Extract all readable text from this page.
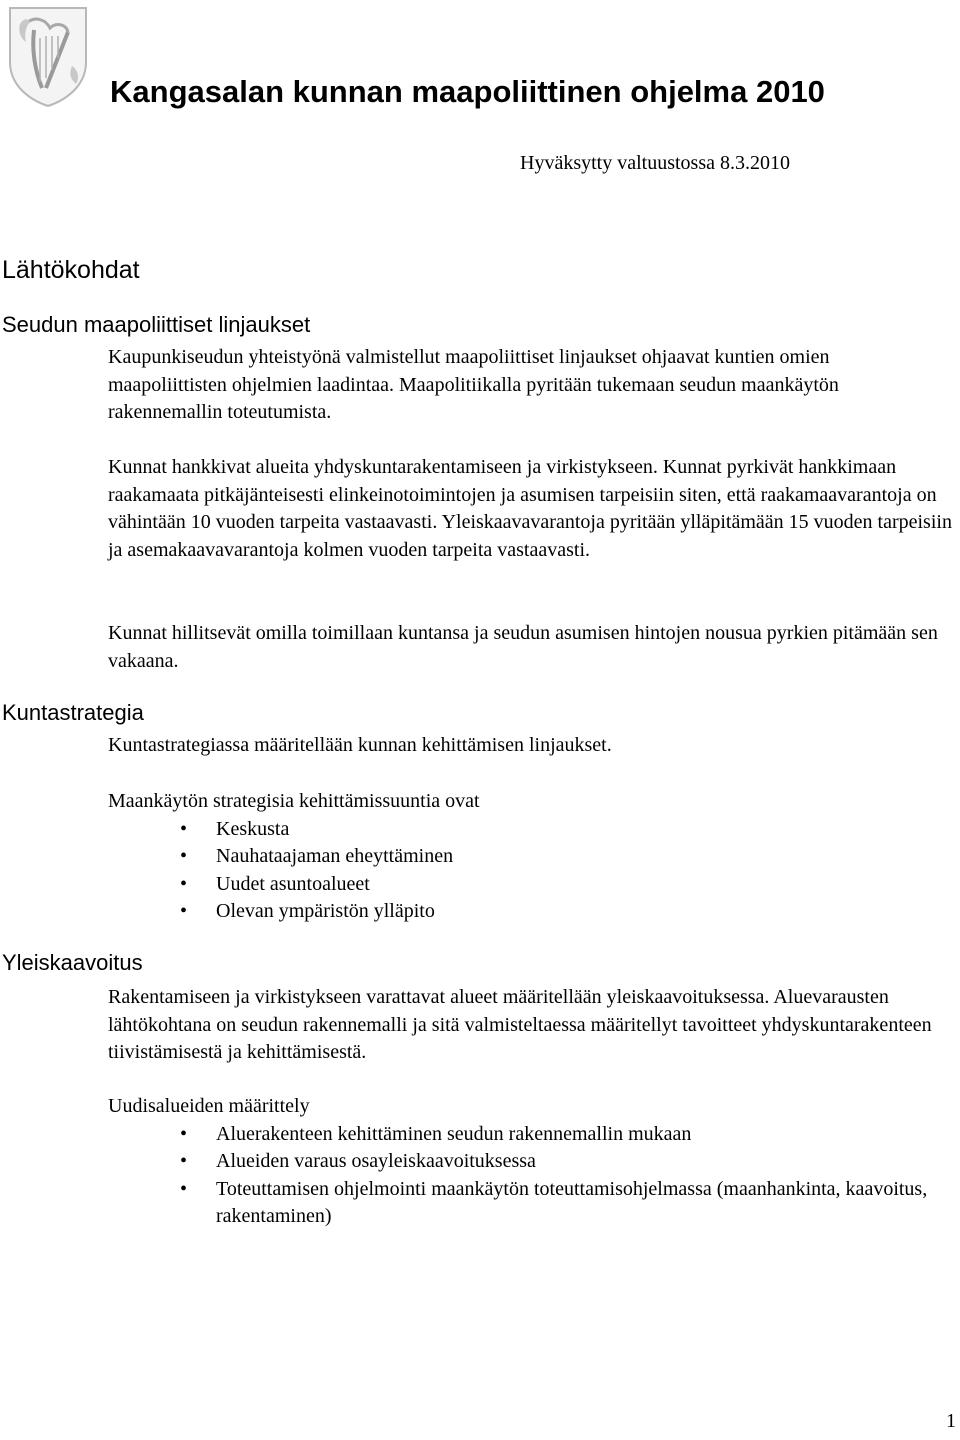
Kangasalan kunnan maapoliittinen ohjelma 2010
Hyväksytty valtuustossa 8.3.2010
Lähtökohdat
Seudun maapoliittiset linjaukset
Kaupunkiseudun yhteistyönä valmistellut maapoliittiset linjaukset ohjaavat kuntien omien maapoliittisten ohjelmien laadintaa. Maapolitiikalla pyritään tukemaan seudun maankäytön rakennemallin toteutumista.
Kunnat hankkivat alueita yhdyskuntarakentamiseen ja virkistykseen. Kunnat pyrkivät hankkimaan raakamaata pitkäjänteisesti elinkeinotoimintojen ja asumisen tarpeisiin siten, että raakamaavarantoja on vähintään 10 vuoden tarpeita vastaavasti. Yleiskaavavarantoja pyritään ylläpitämään 15 vuoden tarpeisiin ja asemakaavavarantoja kolmen vuoden tarpeita vastaavasti.
Kunnat hillitsevät omilla toimillaan kuntansa ja seudun asumisen hintojen nousua pyrkien pitämään sen vakaana.
Kuntastrategia
Kuntastrategiassa määritellään kunnan kehittämisen linjaukset.

Maankäytön strategisia kehittämissuuntia ovat

• Keskusta
• Nauhataajaman eheyttäminen
• Uudet asuntoalueet
• Olevan ympäristön ylläpito
Yleiskaavoitus
Rakentamiseen ja virkistykseen varattavat alueet määritellään yleiskaavoituksessa. Aluevarausten lähtökohtana on seudun rakennemalli ja sitä valmisteltaessa määritellyt tavoitteet yhdyskuntarakenteen tiivistämisestä ja kehittämisestä.

Uudisalueiden määrittely

• Aluerakenteen kehittäminen seudun rakennemallin mukaan
• Alueiden varaus osayleiskaavoituksessa
• Toteuttamisen ohjelmointi maankäytön toteuttamisohjelmassa (maanhankinta, kaavoitus, rakentaminen)
1
